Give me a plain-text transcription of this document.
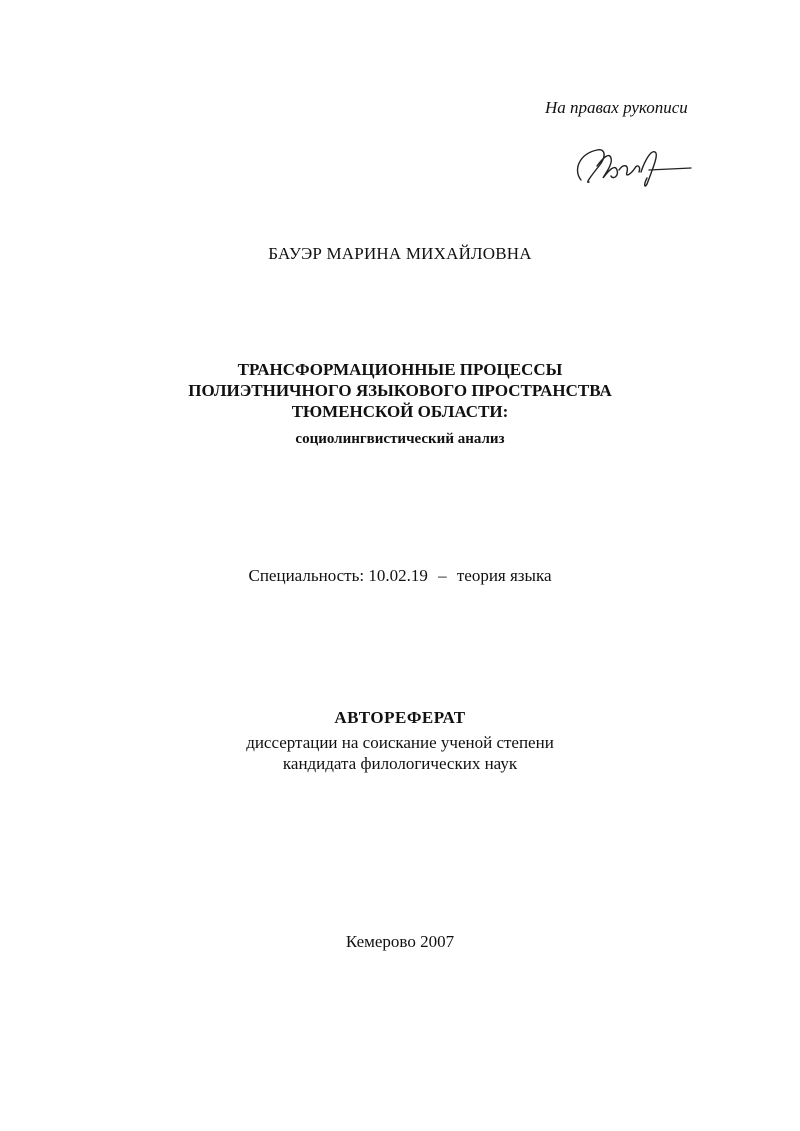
На правах рукописи
БАУЭР МАРИНА МИХАЙЛОВНА
ТРАНСФОРМАЦИОННЫЕ ПРОЦЕССЫ
ПОЛИЭТНИЧНОГО ЯЗЫКОВОГО ПРОСТРАНСТВА
ТЮМЕНСКОЙ ОБЛАСТИ:
социолингвистический анализ
Специальность: 10.02.19 – теория языка
АВТОРЕФЕРАТ
диссертации на соискание ученой степени
кандидата филологических наук
Кемерово 2007
